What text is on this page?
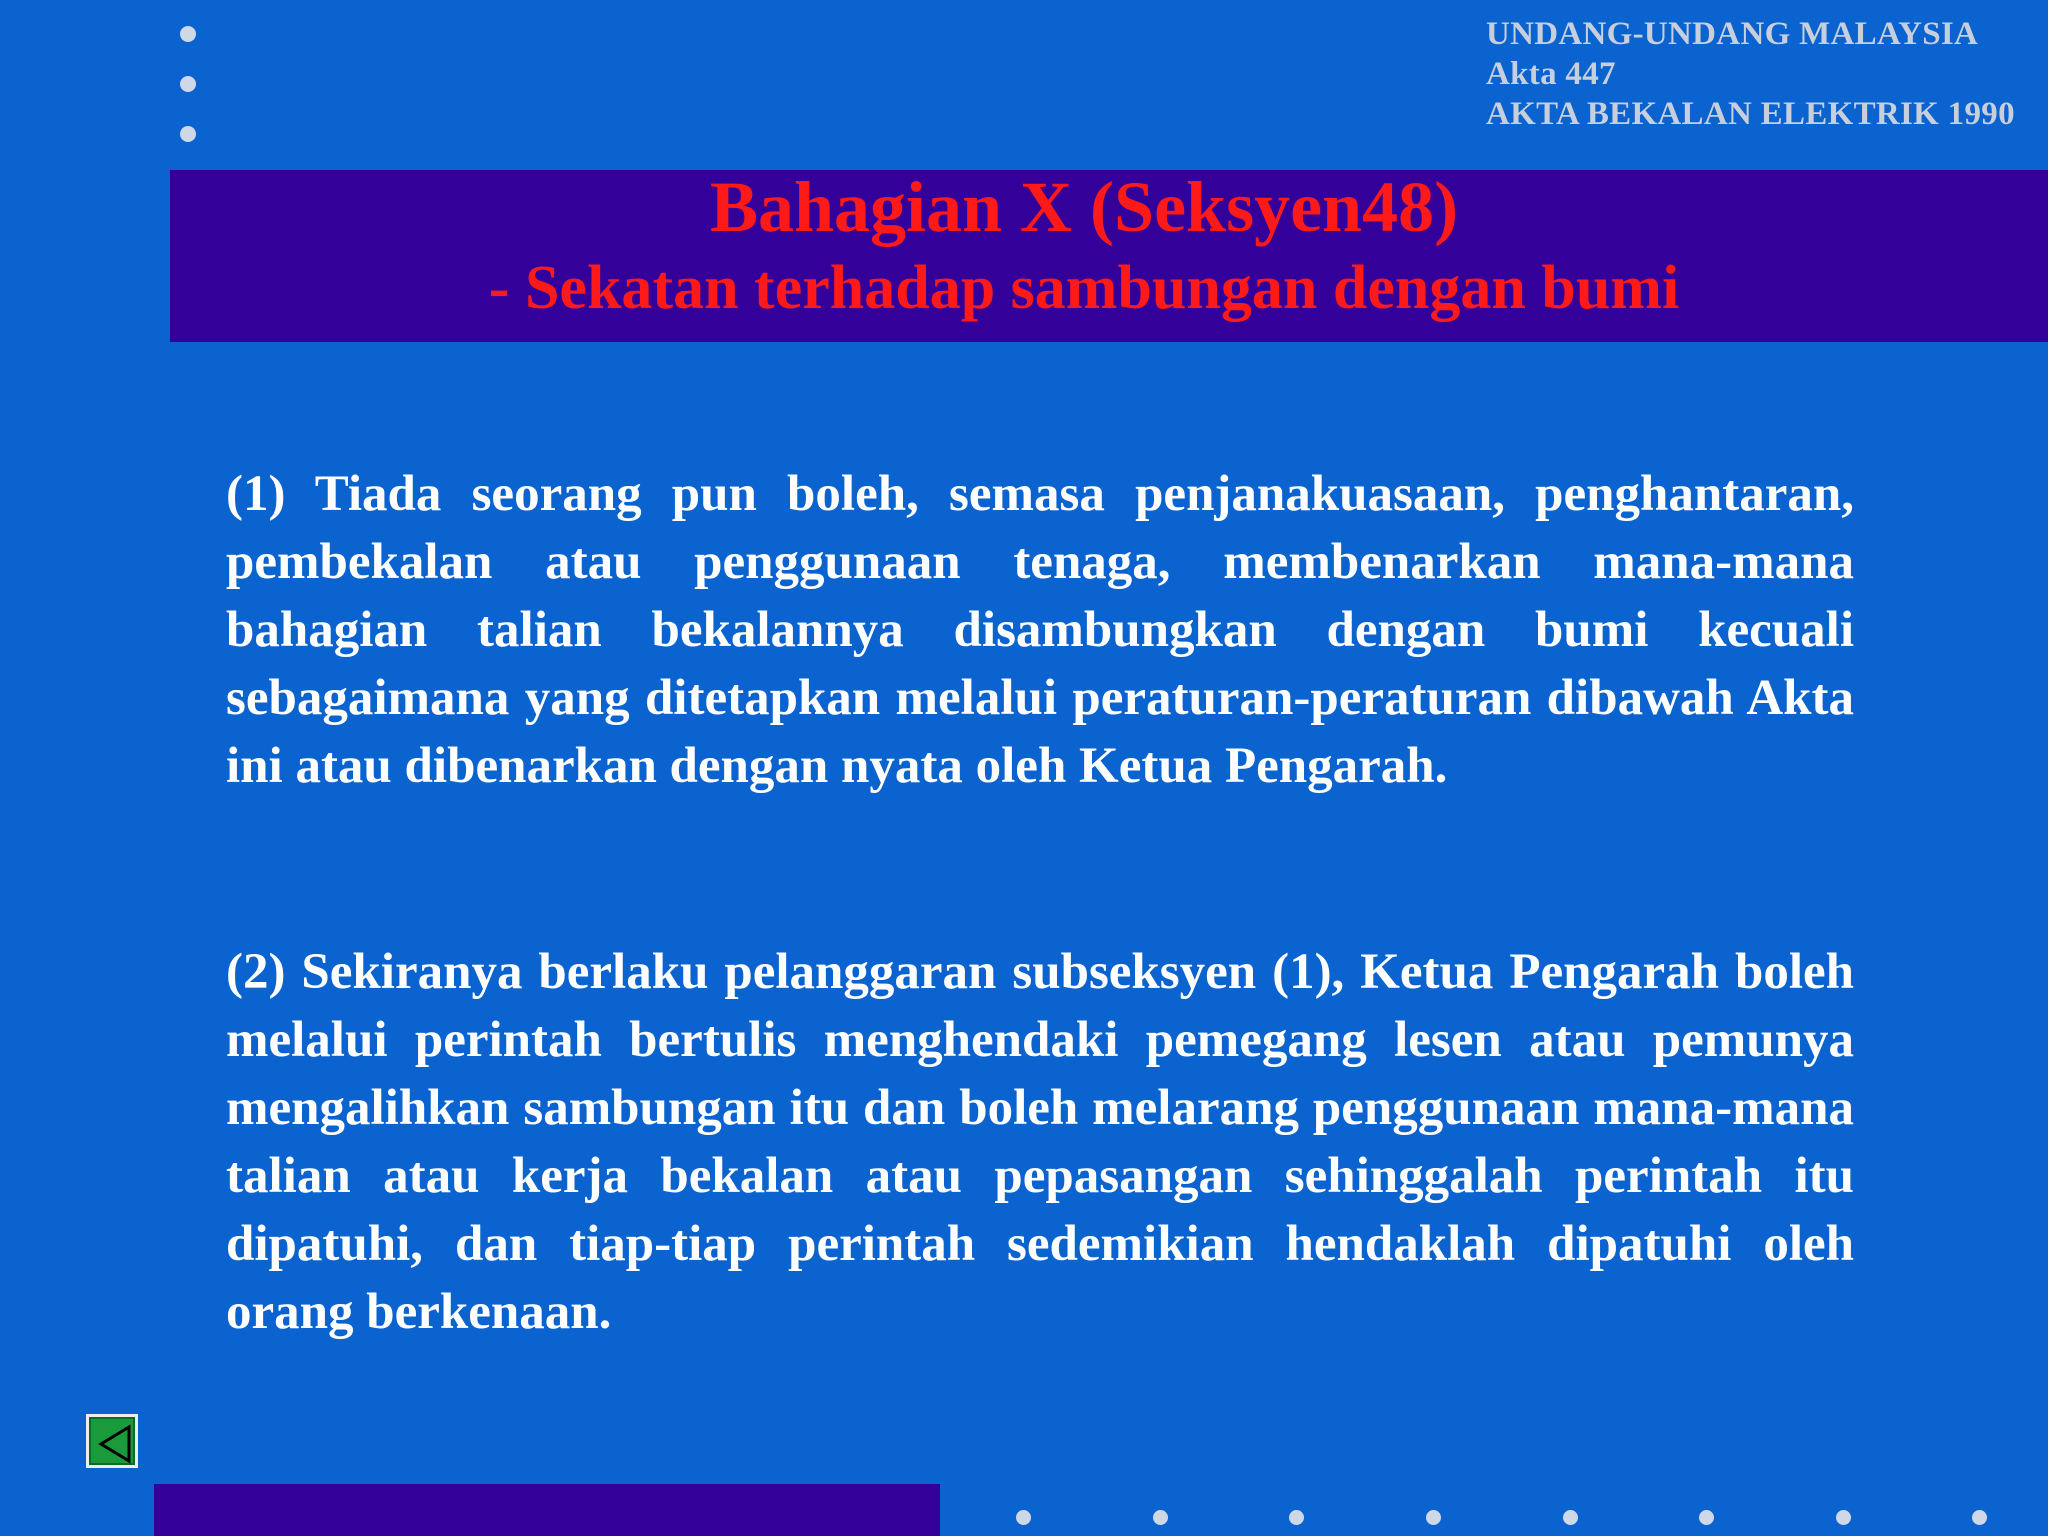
UNDANG-UNDANG MALAYSIA
Akta 447
AKTA BEKALAN ELEKTRIK 1990
Bahagian X (Seksyen48)
- Sekatan terhadap sambungan dengan bumi
(1) Tiada seorang pun boleh, semasa penjanakuasaan, penghantaran, pembekalan atau penggunaan tenaga, membenarkan mana-mana bahagian talian bekalannya disambungkan dengan bumi kecuali sebagaimana yang ditetapkan melalui peraturan-peraturan dibawah Akta ini atau dibenarkan dengan nyata oleh Ketua Pengarah.
(2) Sekiranya berlaku pelanggaran subseksyen (1), Ketua Pengarah boleh melalui perintah bertulis menghendaki pemegang lesen atau pemunya mengalihkan sambungan itu dan boleh melarang penggunaan mana-mana talian atau kerja bekalan atau pepasangan sehinggalah perintah itu dipatuhi, dan tiap-tiap perintah sedemikian hendaklah dipatuhi oleh orang berkenaan.
